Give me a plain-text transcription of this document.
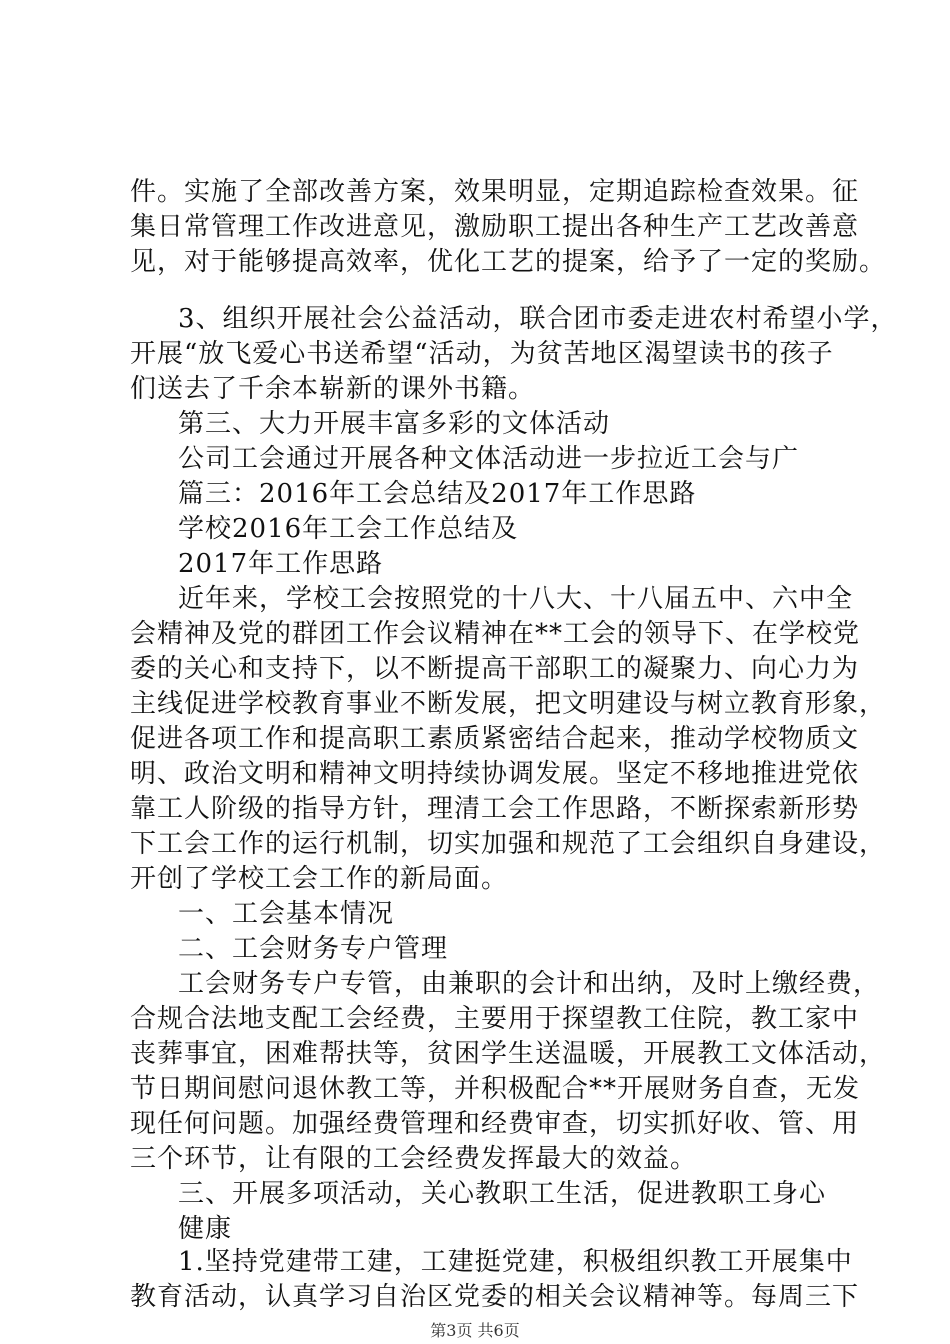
件。实施了全部改善方案，效果明显，定期追踪检查效果。征
集日常管理工作改进意见，激励职工提出各种生产工艺改善意
见，对于能够提高效率，优化工艺的提案，给予了一定的奖励。
3、组织开展社会公益活动，联合团市委走进农村希望小学，
开展“放飞爱心书送希望“活动，为贫苦地区渴望读书的孩子
们送去了千余本崭新的课外书籍。
第三、大力开展丰富多彩的文体活动
公司工会通过开展各种文体活动进一步拉近工会与广
篇三：2016年工会总结及2017年工作思路
学校2016年工会工作总结及
2017年工作思路
近年来，学校工会按照党的十八大、十八届五中、六中全
会精神及党的群团工作会议精神在**工会的领导下、在学校党
委的关心和支持下，以不断提高干部职工的凝聚力、向心力为
主线促进学校教育事业不断发展，把文明建设与树立教育形象，
促进各项工作和提高职工素质紧密结合起来，推动学校物质文
明、政治文明和精神文明持续协调发展。坚定不移地推进党依
靠工人阶级的指导方针，理清工会工作思路，不断探索新形势
下工会工作的运行机制，切实加强和规范了工会组织自身建设，
开创了学校工会工作的新局面。
一、工会基本情况
二、工会财务专户管理
工会财务专户专管，由兼职的会计和出纳，及时上缴经费，
合规合法地支配工会经费，主要用于探望教工住院，教工家中
丧葬事宜，困难帮扶等，贫困学生送温暖，开展教工文体活动，
节日期间慰问退休教工等，并积极配合**开展财务自查，无发
现任何问题。加强经费管理和经费审查，切实抓好收、管、用
三个环节，让有限的工会经费发挥最大的效益。
三、开展多项活动，关心教职工生活，促进教职工身心
健康
1.坚持党建带工建，工建挺党建，积极组织教工开展集中
第3页 共6页
教育活动，认真学习自治区党委的相关会议精神等。每周三下
